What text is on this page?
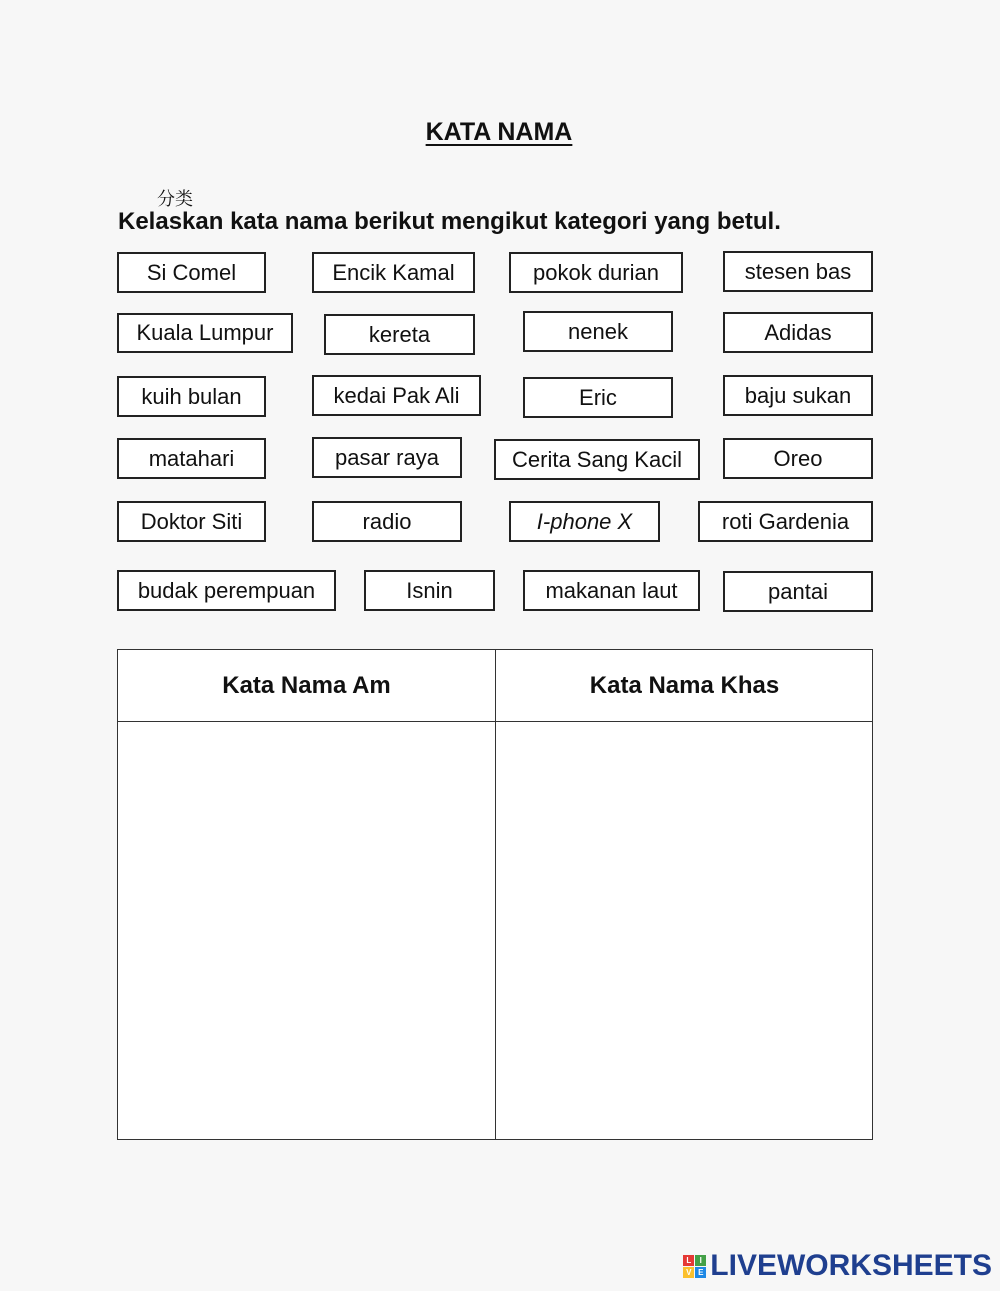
KATA NAMA
分类
Kelaskan kata nama berikut mengikut kategori yang betul.
Si Comel	Encik Kamal	pokok durian	stesen bas
Kuala Lumpur	kereta	nenek	Adidas
kuih bulan	kedai Pak Ali	Eric	baju sukan
matahari	pasar raya	Cerita Sang Kacil	Oreo
Doktor Siti	radio	I-phone X	roti Gardenia
budak perempuan	Isnin	makanan laut	pantai
Kata Nama Am	Kata Nama Khas
L	I
V E LIVEWORKSHEETS
